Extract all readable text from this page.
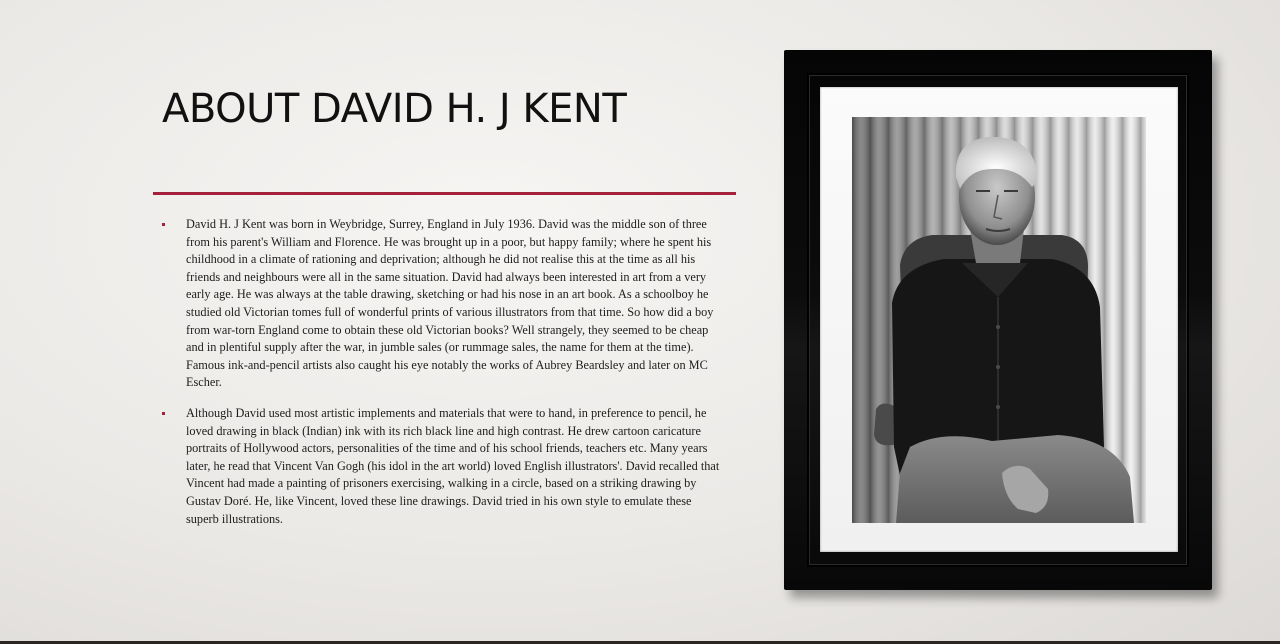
ABOUT DAVID H. J KENT

David H. J Kent was born in Weybridge, Surrey, England in July 1936. David was the middle son of three from his parent's William and Florence. He was brought up in a poor, but happy family; where he spent his childhood in a climate of rationing and deprivation; although he did not realise this at the time as all his friends and neighbours were all in the same situation. David had always been interested in art from a very early age. He was always at the table drawing, sketching or had his nose in an art book. As a schoolboy he studied old Victorian tomes full of wonderful prints of various illustrators from that time. So how did a boy from war-torn England come to obtain these old Victorian books? Well strangely, they seemed to be cheap and in plentiful supply after the war, in jumble sales (or rummage sales, the name for them at the time). Famous ink-and-pencil artists also caught his eye notably the works of Aubrey Beardsley and later on MC Escher.

Although David used most artistic implements and materials that were to hand, in preference to pencil, he loved drawing in black (Indian) ink with its rich black line and high contrast. He drew cartoon caricature portraits of Hollywood actors, personalities of the time and of his school friends, teachers etc. Many years later, he read that Vincent Van Gogh (his idol in the art world) loved English illustrators'. David recalled that Vincent had made a painting of prisoners exercising, walking in a circle, based on a striking drawing by Gustav Doré. He, like Vincent, loved these line drawings. David tried in his own style to emulate these superb illustrations.
